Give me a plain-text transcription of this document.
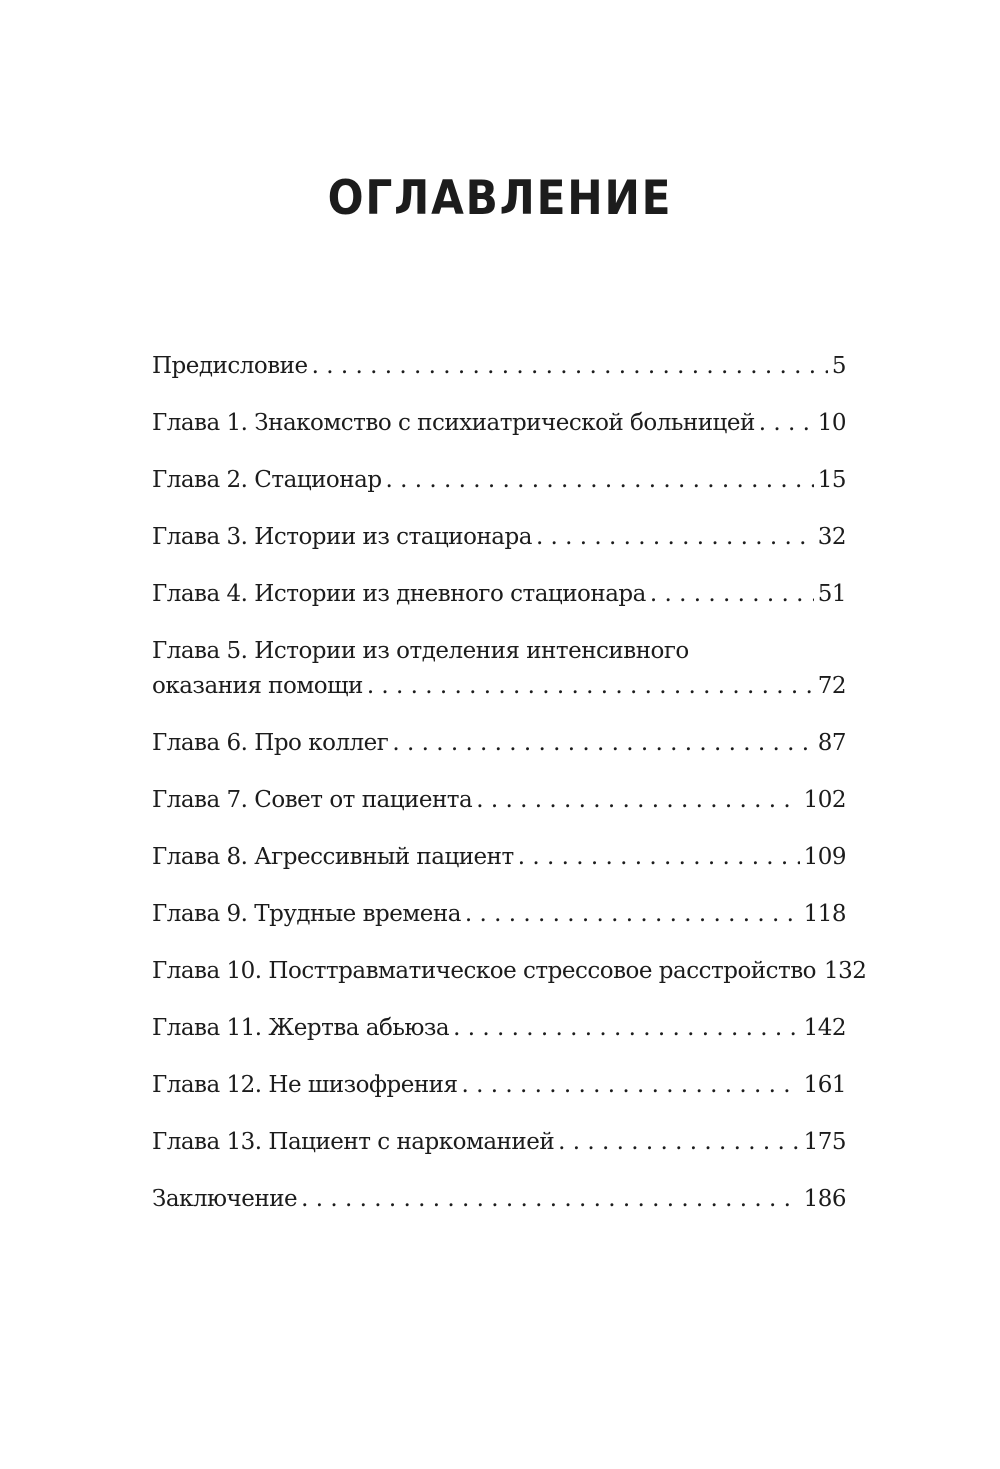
ОГЛАВЛЕНИЕ
Предисловие . . .	5
Глава 1. Знакомство с психиатрической больницей . . .	10
Глава 2. Стационар . . .	15
Глава 3. Истории из стационара . . .	32
Глава 4. Истории из дневного стационара . . .	51
Глава 5. Истории из отделения интенсивного
оказания помощи . . .	72
Глава 6. Про коллег . . .	87
Глава 7. Совет от пациента . . .	102
Глава 8. Агрессивный пациент . . .	109
Глава 9. Трудные времена . . .	118
Глава 10. Посттравматическое стрессовое расстройство 132
Глава 11. Жертва абьюза . . .	142
Глава 12. Не шизофрения . . .	161
Глава 13. Пациент с наркоманией . . .	175
Заключение . . .	186
